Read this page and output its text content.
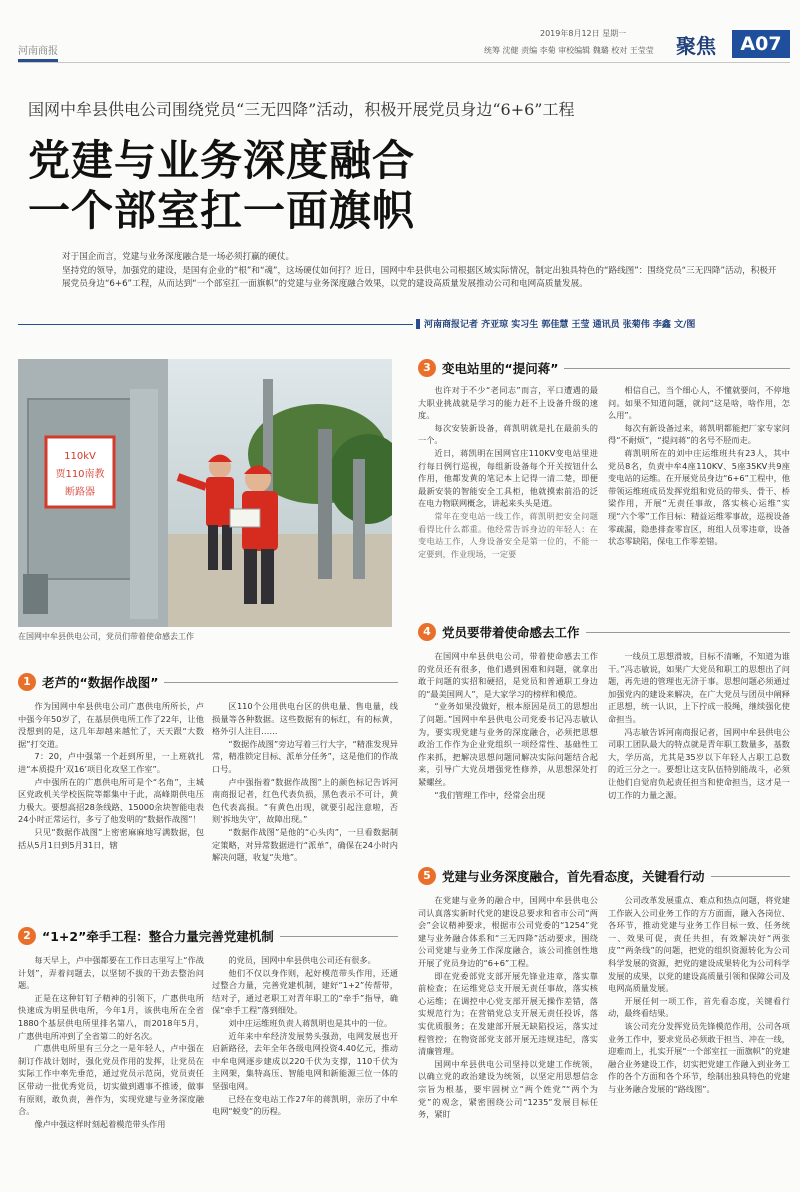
河南商报
2019年8月12日 星期一
统筹 沈健 责编 李菊 审校编辑 魏璐 校对 王莹莹 聚焦	A07
国网中牟县供电公司围绕党员“三无四降”活动，积极开展党员身边“6+6”工程
党建与业务深度融合
一个部室扛一面旗帜
对于国企而言，党建与业务深度融合是一场必须打赢的硬仗。
坚持党的领导，加强党的建设，是国有企业的“根”和“魂”，这场硬仗如何打？近日，国网中牟县供电公司根据区域实际情况，制定出独具特色的“路线图”：围绕党员“三无四降”活动，积极开展党员身边“6+6”工程，从而达到“一个部室扛一面旗帜”的党建与业务深度融合效果，以党的建设高质量发展推动公司和电网高质量发展。
河南商报记者 齐亚琼 实习生 郭佳慧 王莹 通讯员 张菊伟 李鑫 文/图
110kV
贾110南教
断路器
在国网中牟县供电公司，党员们带着使命感去工作
3 变电站里的“提问蒋”

也许对于不少“老同志”而言，平口遭遇的最大职业挑战就是学习的能力赶不上设备升级的速度。

每次安装新设备，蒋凯明就是扎在最前头的一个。

近日，蒋凯明在国网官庄110KV变电站里进行每日例行巡视，每组新设备每个开关按钮什么作用，他都发黄的笔记本上记得一清二楚，即便最新安装的智能安全工具柜，他就摸索前沿的泛在电力物联网概念，讲起来头头是道。

常年在变电站一线工作，蒋凯明把安全问题看得比什么都重。他经常告诉身边的年轻人：在变电站工作，人身设备安全是第一位的，不能一定要到，作业现场，一定要

相信自己，当个细心人，不懂就要问，不停地问。如果不知道问题，就问“这是啥，啥作用，怎么用”。

每次有新设备过来，蒋凯明都能把厂家专家问得“不耐烦”，“提问蒋”的名号不胫而走。

蒋凯明所在的刘中庄运维班共有23人，其中党员8名，负责中牟4座110KV、5座35KV共9座变电站的运维。在开展党员身边“6+6”工程中，他带领运维班成员发挥党组和党员的带头、骨干、桥梁作用，开展“无责任事故，落实核心运维”实现“六个零”工作目标：精益运维零事故，巡视设备零疏漏，隐患排查零盲区，班组人员零违章，设备状态零缺陷，保电工作零差错。

4 党员要带着使命感去工作

在国网中牟县供电公司，带着使命感去工作的党员还有很多，他们遇到困难和问题，就拿出敢于问题的实招和硬招，是党员和普通职工身边的“最美国网人”，是大家学习的榜样和模范。

“业务如果没做好，根本原因是员工的思想出了问题。”国网中牟县供电公司党委书记冯志敏认为，要实现党建与业务的深度融合，必须把思想政治工作作为企业党组织一项经常性、基础性工作来抓，把解决思想问题同解决实际问题结合起来，引导广大党员增强党性修养，从思想深处打紧螺丝。

“我们管理工作中，经常会出现

一线员工思想滑坡，目标不清晰，不知道为谁干。”冯志敏说，如果广大党员和职工的思想出了问题，再先进的管理也无济于事。思想问题必须通过加强党内的建设来解决，在广大党员与团员中阐释正思想，统一认识，上下拧成一股绳，继续强化使命担当。

冯志敏告诉河南商报记者，国网中牟县供电公司职工团队最大的特点就是青年职工数量多，基数大，学历高，尤其是35岁以下年轻人占职工总数的近三分之一。要想让这支队伍特别能战斗，必须让他们自觉肩负起责任担当和使命担当，这才是一切工作的力量之源。

5 党建与业务深度融合，首先看态度，关键看行动

在党建与业务的融合中，国网中牟县供电公司认真落实新时代党的建设总要求和省市公司“两会”会议精神要求，根据市公司党委的“1254”党建与业务融合体系和“三无四降”活动要求，围绕公司党建与业务工作深度融合，该公司推创性地开展了党员身边的“6+6”工程。

即在党委部党支部开展先锋业违章，落实靠前检查；在运维党总支开展无责任事故，落实核心运维；在调控中心党支部开展无操作差错，落实规范行为；在营销党总支开展无责任投诉，落实优质服务；在发建部开展无缺陷投运，落实过程管控；在物资部党支部开展无违规违纪，落实清廉管理。

国网中牟县供电公司坚持以党建工作统领，以确立党的政治建设为统领，以坚定用思想信念宗旨为根基，要牢固树立“两个姓党”“两个为党”的观念，紧密围绕公司“1235”发展目标任务，紧盯

公司改革发展重点、难点和热点问题，将党建工作嵌入公司业务工作的方方面面，融入各岗位、各环节，推动党建与业务工作目标一致、任务统一、效果可促，责任共担，有效解决好“两张皮”“两条线”的问题，把党的组织资源转化为公司科学发展的资源，把党的建设成果转化为公司科学发展的成果，以党的建设高质量引领和保障公司及电网高质量发展。

开展任何一项工作，首先看态度，关键看行动，最终看结果。

该公司充分发挥党员先锋模范作用，公司各项业务工作中，要求党员必须敢于担当、冲在一线，迎难而上，扎实开展“一个部室扛一面旗帜”的党建融合业务建设工作，切实把党建工作融入到业务工作的各个方面和各个环节，绘制出独具特色的党建与业务融合发展的“路线图”。

1 老芦的“数据作战图”

作为国网中牟县供电公司广惠供电所所长，卢中强今年50岁了，在基层供电所工作了22年，让他没想到的是，这几年却越来越忙了，天天跟“大数据”打交道。

7：20，卢中强第一个赶到所里，一上班就扎进“本质提升‘双16’项目化攻坚工作室”。

卢中强所在的广惠供电所可是个“名角”，主城区党政机关学校医院等都集中于此，高峰期供电压力极大。要想高招28条线路、15000余块智能电表24小时正常运行，多亏了他发明的“数据作战图”！

只见“数据作战图”上密密麻麻地写满数据，包括从5月1日到5月31日，辖

区110个公用供电台区的供电量、售电量，线损量等各种数据。这些数据有的标红，有的标黄，格外引人注目……

“数据作战图”旁边写着三行大字，“精准发现异常，精准锁定目标、派单分任务”，这是他们的作战口号。

卢中强指着“数据作战图”上的颜色标记告诉河南商报记者，红色代表负损，黑色表示不可计，黄色代表高损。“有黄色出现，就要引起注意啦，否则‘拆地失守’，故障出现。”

“数据作战图”是他的“心头肉”，一旦看数据制定策略，对异常数据进行“派单”，确保在24小时内解决问题，收复“失地”。

2 “1+2”牵手工程：整合力量完善党建机制

每天早上，卢中强都要在工作日志里写上“作战计划”，弄着问题去，以坚韧不拔的干劲去整治问题。

正是在这种钉钉子精神的引领下，广惠供电所快速成为明星供电所，今年1月，该供电所在全省1880个基层供电所里排名第八，而2018年5月，广惠供电所冲到了全省第二的好名次。

广惠供电所里有三分之一是年轻人，卢中强在制订作战计划时，强化党员作用的发挥，让党员在实际工作中率先垂范，通过党员示范岗，党员责任区带动一批优秀党员，切实做到遇事不推诿，做事有原则，敢负责，善作为，实现党建与业务深度融合。

像卢中强这样时刻起着模范带头作用

的党员，国网中牟县供电公司还有很多。

他们不仅以身作则，起好模范带头作用，还通过整合力量，完善党建机制，建好“1+2”传帮带，结对子，通过老职工对青年职工的“牵手”指导，确保“牵手工程”落到细处。

刘中庄运维班负责人蒋凯明也是其中的一位。

近年来中牟经济发展势头强劲，电网发展也开启新路径，去年全年各级电网投资4.40亿元，推动中牟电网逐步建成以220千伏为支撑，110千伏为主网架，集特高压、智能电网和新能源三位一体的坚强电网。

已经在变电站工作27年的蒋凯明，亲历了中牟电网“蜕变”的历程。
